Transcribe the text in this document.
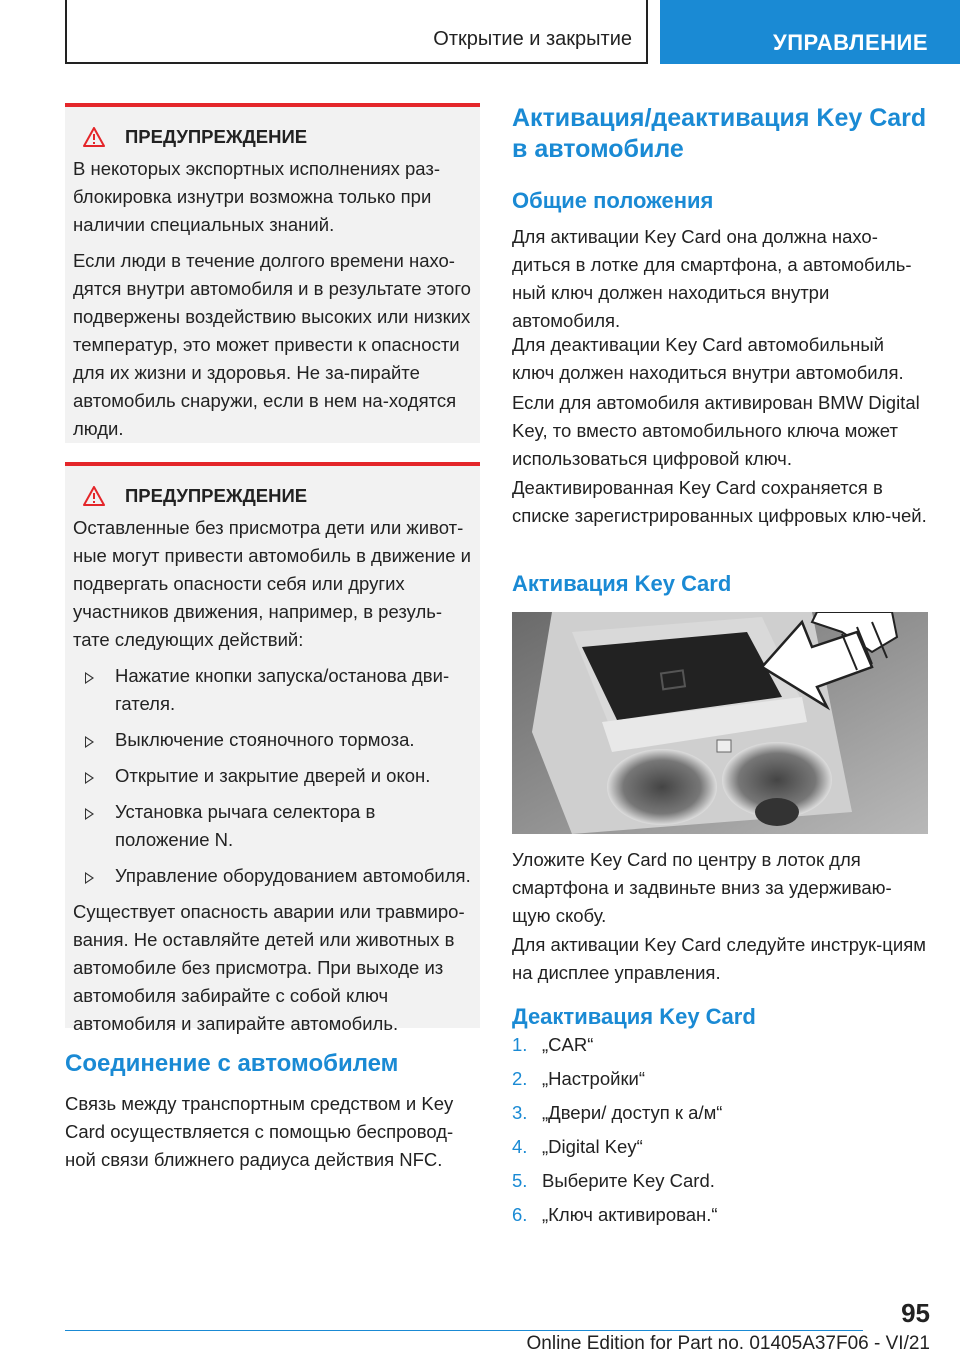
Открытие и закрытие	УПРАВЛЕНИЕ
ПРЕДУПРЕЖДЕНИЕ

В некоторых экспортных исполнениях раз-блокировка изнутри возможна только при наличии специальных знаний.

Если люди в течение долгого времени нахо-дятся внутри автомобиля и в результате этого подвержены воздействию высоких или низких температур, это может привести к опасности для их жизни и здоровья. Не за-пирайте автомобиль снаружи, если в нем на-ходятся люди.

ПРЕДУПРЕЖДЕНИЕ

Оставленные без присмотра дети или живот-ные могут привести автомобиль в движение и подвергать опасности себя или других участников движения, например, в резуль-тате следующих действий:

Нажатие кнопки запуска/останова дви-гателя.
Выключение стояночного тормоза.
Открытие и закрытие дверей и окон.
Установка рычага селектора в положение N.
Управление оборудованием автомобиля.

Существует опасность аварии или травмиро-вания. Не оставляйте детей или животных в автомобиле без присмотра. При выходе из автомобиля забирайте с собой ключ автомобиля и запирайте автомобиль.

Соединение с автомобилем

Связь между транспортным средством и Key Card осуществляется с помощью беспровод-ной связи ближнего радиуса действия NFC.

Активация/деактивация Key Card в автомобиле
Общие положения

Для активации Key Card она должна нахо-диться в лотке для смартфона, а автомобиль-ный ключ должен находиться внутри автомобиля.

Для деактивации Key Card автомобильный ключ должен находиться внутри автомобиля.

Если для автомобиля активирован BMW Digital Key, то вместо автомобильного ключа может использоваться цифровой ключ.

Деактивированная Key Card сохраняется в списке зарегистрированных цифровых клю-чей.

Активация Key Card

Уложите Key Card по центру в лоток для смартфона и задвиньте вниз за удерживаю-щую скобу.

Для активации Key Card следуйте инструк-циям на дисплее управления.

Деактивация Key Card
1. „CAR“
2. „Настройки“
3. „Двери/ доступ к а/м“
4. „Digital Key“
5. Выберите Key Card.
6. „Ключ активирован.“
95
Online Edition for Part no. 01405A37F06 - VI/21
